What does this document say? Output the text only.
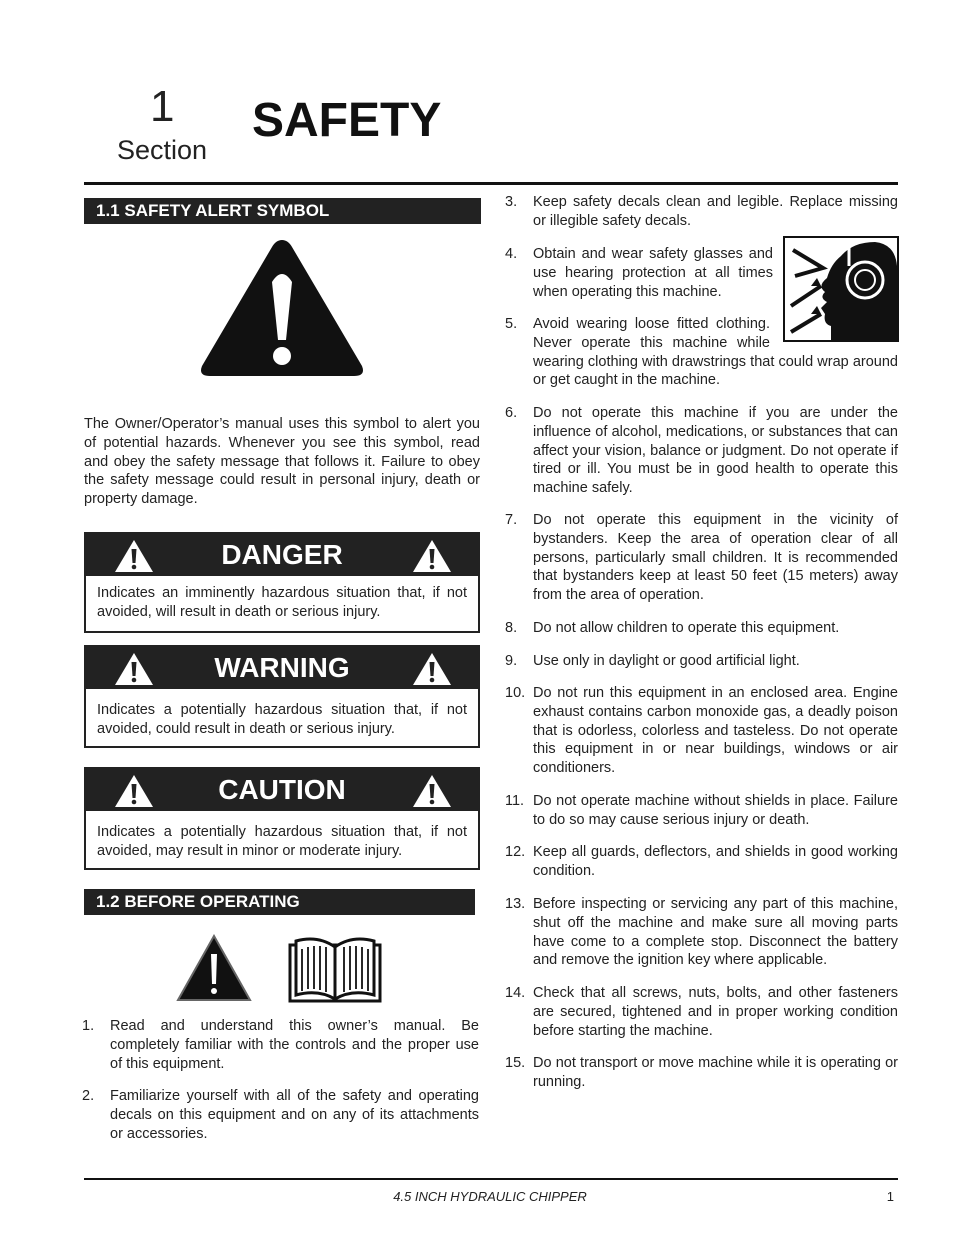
1
Section
SAFETY
1.1 SAFETY ALERT SYMBOL
The Owner/Operator’s manual uses this symbol to alert you of potential hazards. Whenever you see this symbol, read and obey the safety message that follows it. Failure to obey the safety message could result in personal injury, death or property damage.
DANGER
Indicates an imminently hazardous situation that, if not avoided, will result in death or serious injury.
WARNING
Indicates a potentially hazardous situation that, if not avoided, could result in death or serious injury.
CAUTION
Indicates a potentially hazardous situation that, if not avoided, may result in minor or moderate injury.
1.2 BEFORE OPERATING
1. Read and understand this owner’s manual. Be completely familiar with the controls and the proper use of this equipment.
2. Familiarize yourself with all of the safety and operating decals on this equipment and on any of its attachments or accessories.
3. Keep safety decals clean and legible. Replace missing or illegible safety decals.
4. Obtain and wear safety glasses and use hearing protection at all times when operating this machine.
5. Avoid wearing loose fitted clothing. Never operate this machine while wearing clothing with drawstrings that could wrap around or get caught in the machine.
6. Do not operate this machine if you are under the influence of alcohol, medications, or substances that can affect your vision, balance or judgment. Do not operate if tired or ill. You must be in good health to operate this machine safely.
7. Do not operate this equipment in the vicinity of bystanders. Keep the area of operation clear of all persons, particularly small children. It is recommended that bystanders keep at least 50 feet (15 meters) away from the area of operation.
8. Do not allow children to operate this equipment.
9. Use only in daylight or good artificial light.
10. Do not run this equipment in an enclosed area. Engine exhaust contains carbon monoxide gas, a deadly poison that is odorless, colorless and tasteless. Do not operate this equipment in or near buildings, windows or air conditioners.
11. Do not operate machine without shields in place. Failure to do so may cause serious injury or death.
12. Keep all guards, deflectors, and shields in good working condition.
13. Before inspecting or servicing any part of this machine, shut off the machine and make sure all moving parts have come to a complete stop. Disconnect the battery and remove the ignition key where applicable.
14. Check that all screws, nuts, bolts, and other fasteners are secured, tightened and in proper working condition before starting the machine.
15. Do not transport or move machine while it is operating or running.
4.5 INCH HYDRAULIC CHIPPER	1
